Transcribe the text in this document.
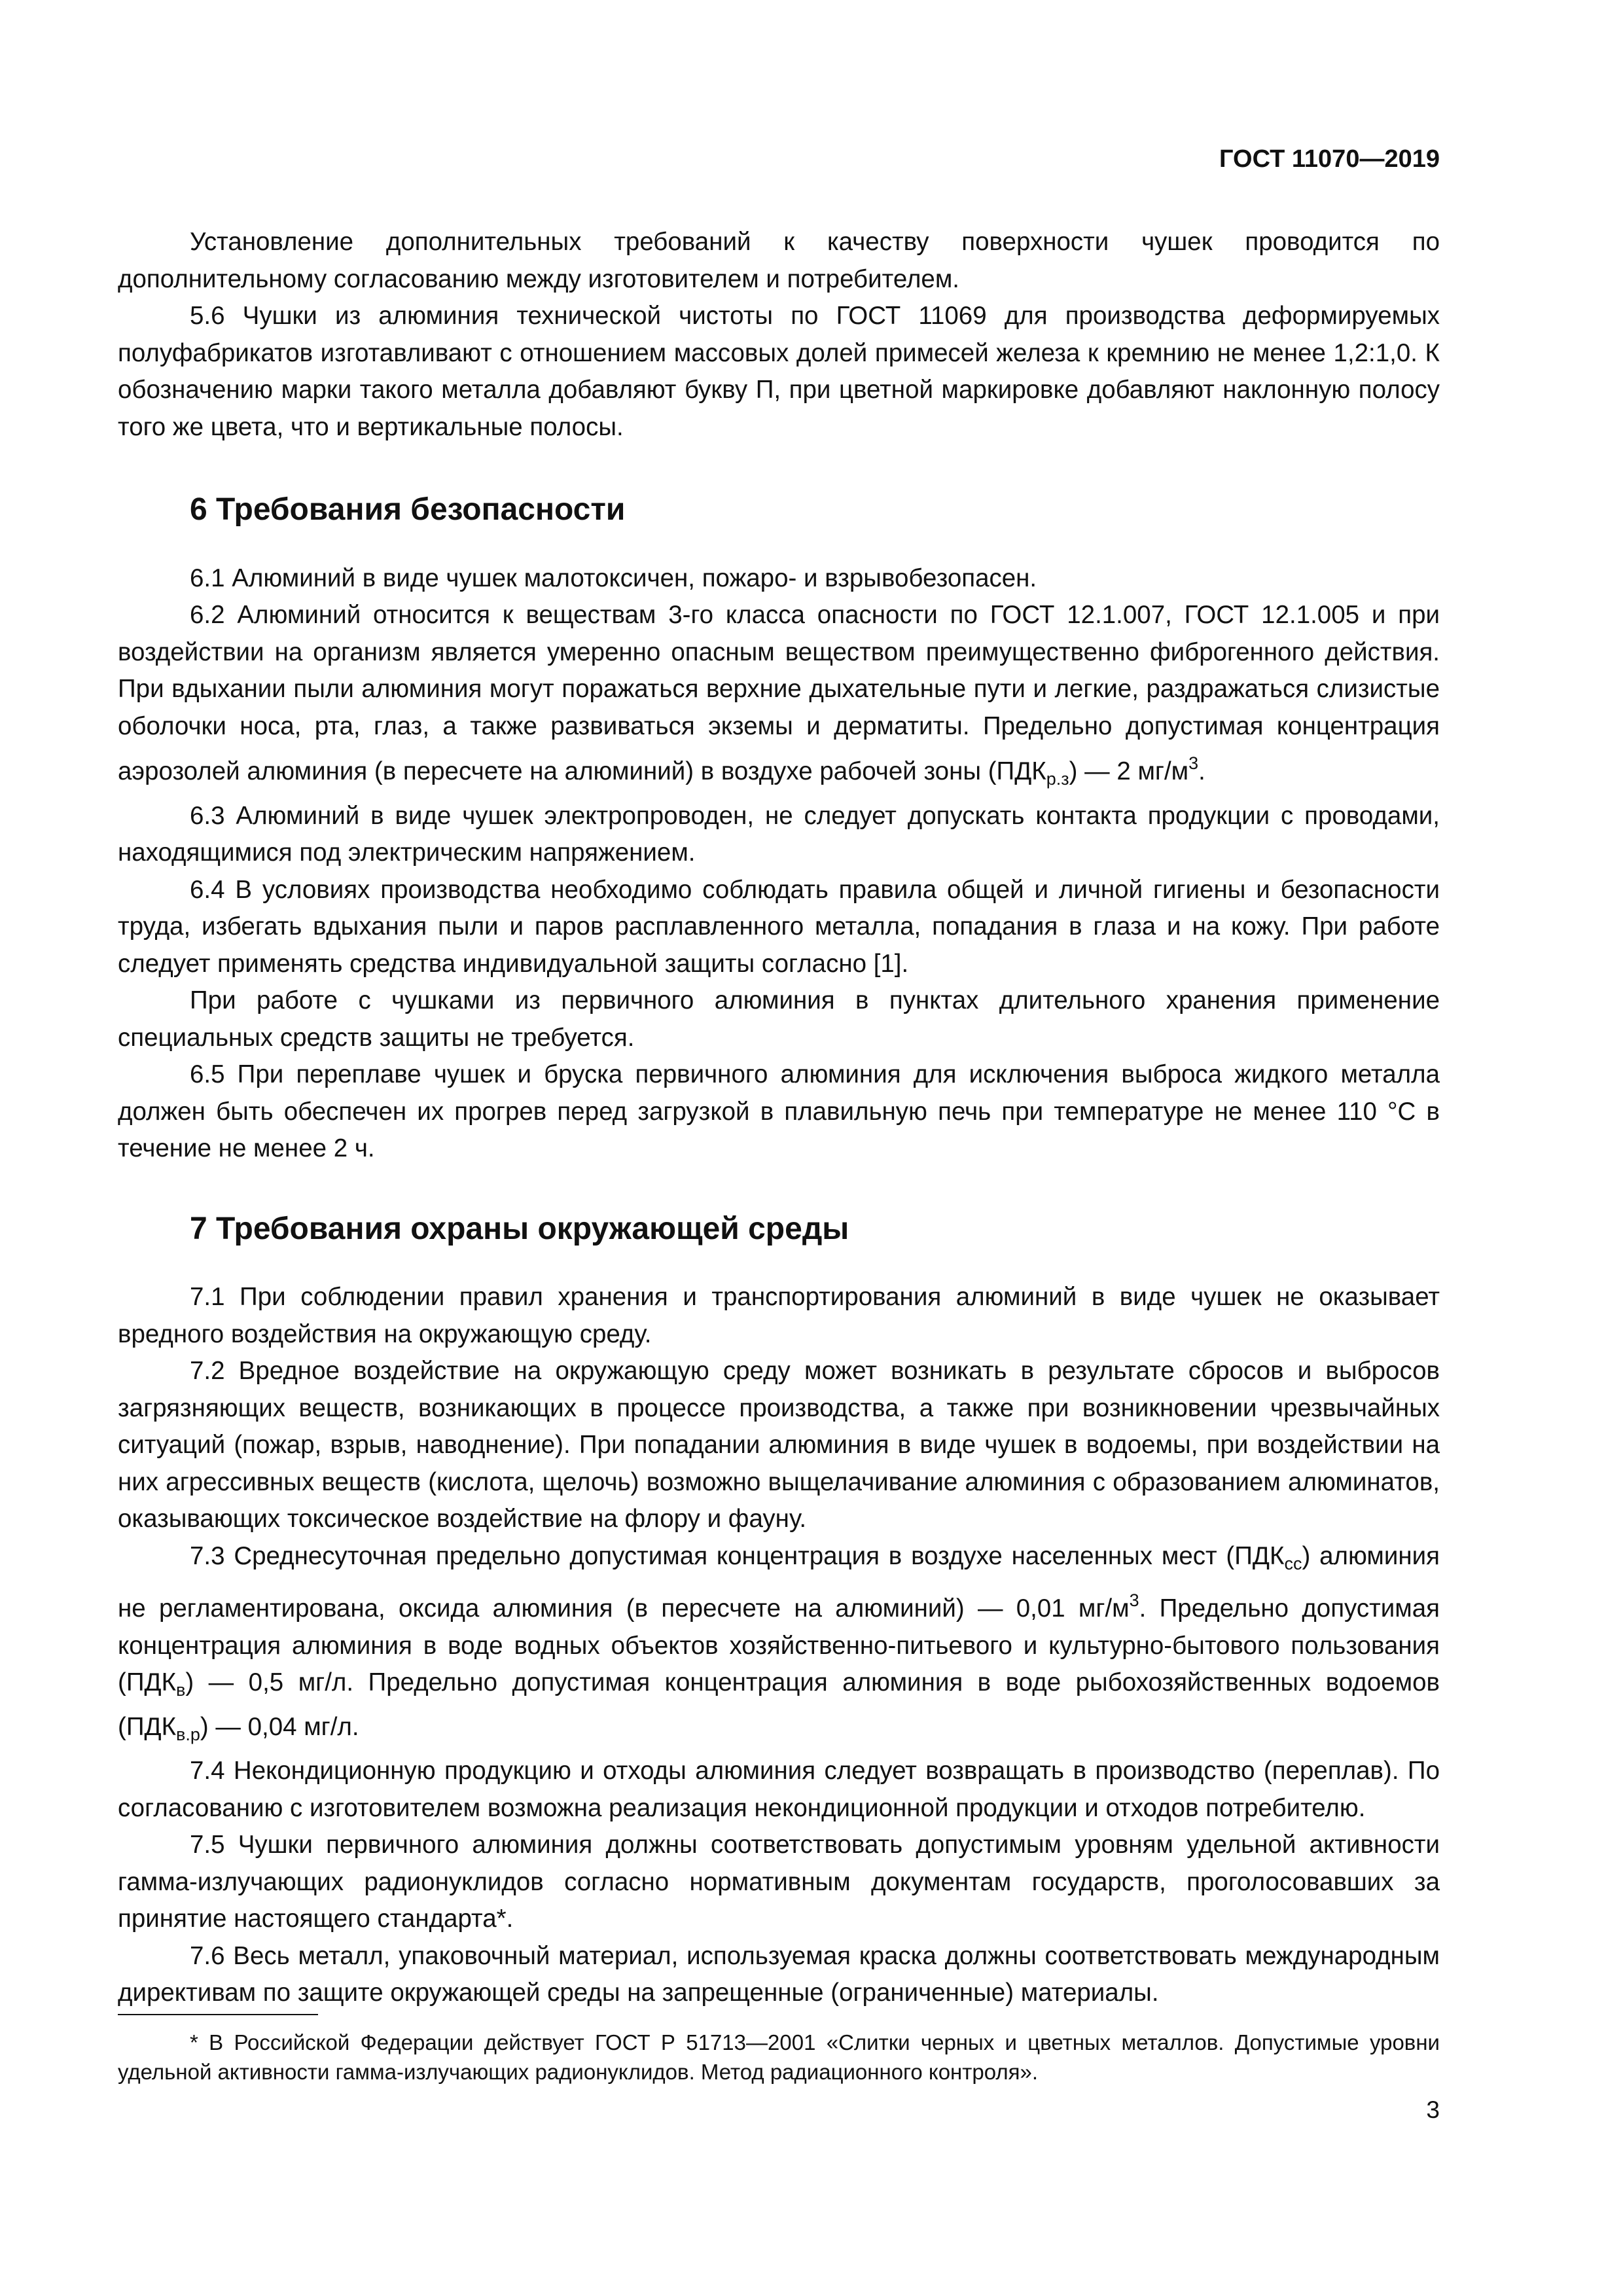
ГОСТ 11070—2019

Установление дополнительных требований к качеству поверхности чушек проводится по дополнительному согласованию между изготовителем и потребителем.

5.6 Чушки из алюминия технической чистоты по ГОСТ 11069 для производства деформируемых полуфабрикатов изготавливают с отношением массовых долей примесей железа к кремнию не менее 1,2:1,0. К обозначению марки такого металла добавляют букву П, при цветной маркировке добавляют наклонную полосу того же цвета, что и вертикальные полосы.

6 Требования безопасности

6.1 Алюминий в виде чушек малотоксичен, пожаро- и взрывобезопасен.

6.2 Алюминий относится к веществам 3-го класса опасности по ГОСТ 12.1.007, ГОСТ 12.1.005 и при воздействии на организм является умеренно опасным веществом преимущественно фиброгенного действия. При вдыхании пыли алюминия могут поражаться верхние дыхательные пути и легкие, раздражаться слизистые оболочки носа, рта, глаз, а также развиваться экземы и дерматиты. Предельно допустимая концентрация аэрозолей алюминия (в пересчете на алюминий) в воздухе рабочей зоны $(ПДК_{р.з})$ — 2 $мг/м^3$.

6.3 Алюминий в виде чушек электропроводен, не следует допускать контакта продукции с проводами, находящимися под электрическим напряжением.

6.4 В условиях производства необходимо соблюдать правила общей и личной гигиены и безопасности труда, избегать вдыхания пыли и паров расплавленного металла, попадания в глаза и на кожу. При работе следует применять средства индивидуальной защиты согласно [1].

При работе с чушками из первичного алюминия в пунктах длительного хранения применение специальных средств защиты не требуется.

6.5 При переплаве чушек и бруска первичного алюминия для исключения выброса жидкого металла должен быть обеспечен их прогрев перед загрузкой в плавильную печь при температуре не менее 110 °С в течение не менее 2 ч.

7 Требования охраны окружающей среды

7.1 При соблюдении правил хранения и транспортирования алюминий в виде чушек не оказывает вредного воздействия на окружающую среду.

7.2 Вредное воздействие на окружающую среду может возникать в результате сбросов и выбросов загрязняющих веществ, возникающих в процессе производства, а также при возникновении чрезвычайных ситуаций (пожар, взрыв, наводнение). При попадании алюминия в виде чушек в водоемы, при воздействии на них агрессивных веществ (кислота, щелочь) возможно выщелачивание алюминия с образованием алюминатов, оказывающих токсическое воздействие на флору и фауну.

7.3 Среднесуточная предельно допустимая концентрация в воздухе населенных мест $(ПДК_{сс})$ алюминия не регламентирована, оксида алюминия (в пересчете на алюминий) — 0,01 $мг/м^3$. Предельно допустимая концентрация алюминия в воде водных объектов хозяйственно-питьевого и культурно-бытового пользования $(ПДК_в)$ — 0,5 мг/л. Предельно допустимая концентрация алюминия в воде рыбохозяйственных водоемов $(ПДК_{в.р})$ — 0,04 мг/л.

7.4 Некондиционную продукцию и отходы алюминия следует возвращать в производство (переплав). По согласованию с изготовителем возможна реализация некондиционной продукции и отходов потребителю.

7.5 Чушки первичного алюминия должны соответствовать допустимым уровням удельной активности гамма-излучающих радионуклидов согласно нормативным документам государств, проголосовавших за принятие настоящего стандарта*.

7.6 Весь металл, упаковочный материал, используемая краска должны соответствовать международным директивам по защите окружающей среды на запрещенные (ограниченные) материалы.

* В Российской Федерации действует ГОСТ Р 51713—2001 «Слитки черных и цветных металлов. Допустимые уровни удельной активности гамма-излучающих радионуклидов. Метод радиационного контроля».

3
